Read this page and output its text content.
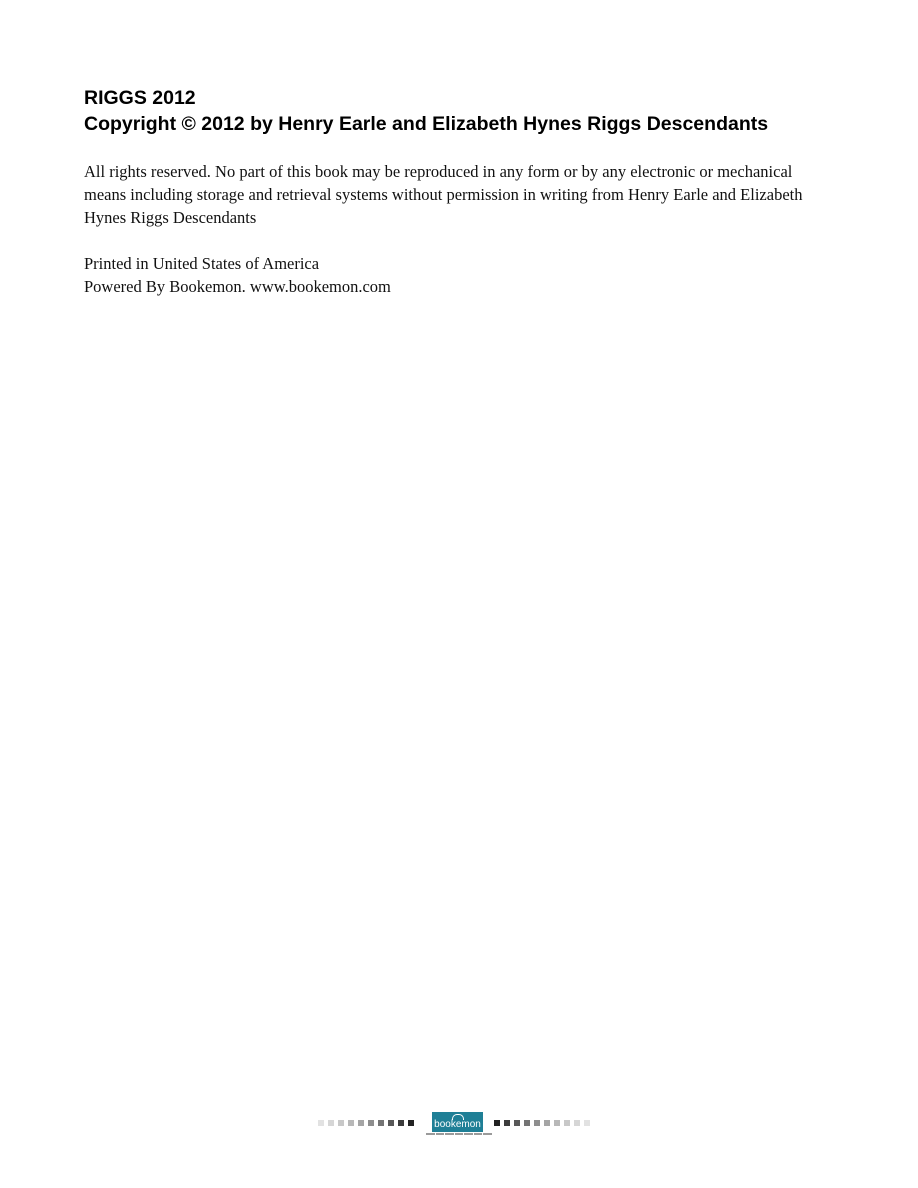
RIGGS 2012
Copyright © 2012 by Henry Earle and Elizabeth Hynes Riggs Descendants
All rights reserved. No part of this book may be reproduced in any form or by any electronic or mechanical means including storage and retrieval systems without permission in writing from Henry Earle and Elizabeth Hynes Riggs Descendants
Printed in United States of America
Powered By Bookemon. www.bookemon.com
bookemon
